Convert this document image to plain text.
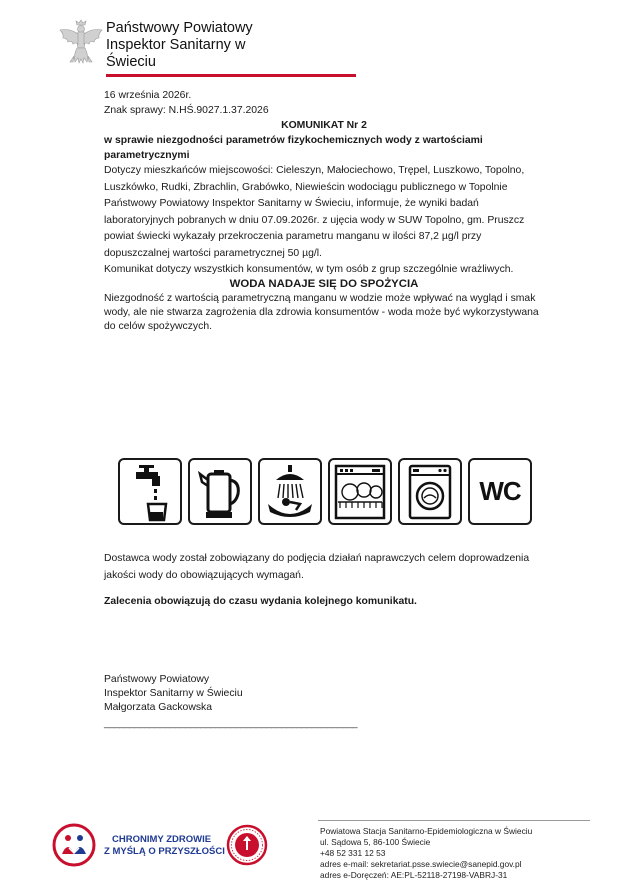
Państwowy Powiatowy
Inspektor Sanitarny w Świeciu

16 września 2026r.

Znak sprawy: N.HŚ.9027.1.37.2026

KOMUNIKAT Nr 2

w sprawie niezgodności parametrów fizykochemicznych wody z wartościami parametrycznymi

Dotyczy mieszkańców miejscowości: Cieleszyn, Małociechowo, Trępel, Luszkowo, Topolno, Luszkówko, Rudki, Zbrachlin, Grabówko, Niewieścin wodociągu publicznego w Topolnie

Państwowy Powiatowy Inspektor Sanitarny w Świeciu, informuje, że wyniki badań laboratoryjnych pobranych w dniu 07.09.2026r. z ujęcia wody w SUW Topolno, gm. Pruszcz powiat świecki wykazały przekroczenia parametru manganu w ilości 87,2 µg/l przy dopuszczalnej wartości parametrycznej 50 µg/l.

Komunikat dotyczy wszystkich konsumentów, w tym osób z grup szczególnie wrażliwych.

WODA NADAJE SIĘ DO SPOŻYCIA

Niezgodność z wartością parametryczną manganu w wodzie może wpływać na wygląd i smak wody, ale nie stwarza zagrożenia dla zdrowia konsumentów - woda może być wykorzystywana do celów spożywczych.

WC

Dostawca wody został zobowiązany do podjęcia działań naprawczych celem doprowadzenia jakości wody do obowiązujących wymagań.

Zalecenia obowiązują do czasu wydania kolejnego komunikatu.

Państwowy Powiatowy
Inspektor Sanitarny w Świeciu
Małgorzata Gackowska
__________________________________________________
CHRONIMY ZDROWIE
Z MYŚLĄ O PRZYSZŁOŚCI
Powiatowa Stacja Sanitarno-Epidemiologiczna w Świeciu
ul. Sądowa 5, 86-100 Świecie
+48 52 331 12 53
adres e-mail: sekretariat.psse.swiecie@sanepid.gov.pl
adres e-Doręczeń: AE:PL-52118-27198-VABRJ-31
